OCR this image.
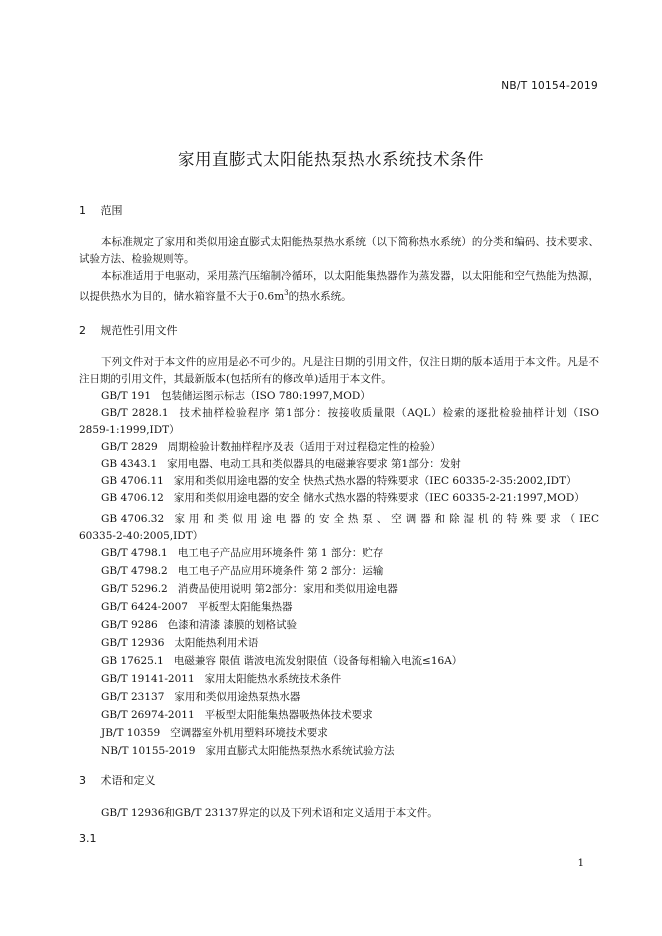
NB/T 10154-2019
家用直膨式太阳能热泵热水系统技术条件
1 范围
本标准规定了家用和类似用途直膨式太阳能热泵热水系统（以下简称热水系统）的分类和编码、技术要求、试验方法、检验规则等。
本标准适用于电驱动，采用蒸汽压缩制冷循环，以太阳能集热器作为蒸发器，以太阳能和空气热能为热源，以提供热水为目的，储水箱容量不大于$0.6m^3$的热水系统。
2 规范性引用文件
下列文件对于本文件的应用是必不可少的。凡是注日期的引用文件，仅注日期的版本适用于本文件。凡是不注日期的引用文件，其最新版本(包括所有的修改单)适用于本文件。
GB/T 191 包装储运图示标志（ISO 780:1997,MOD）
GB/T 2828.1 技术抽样检验程序 第1部分：按接收质量限（AQL）检索的逐批检验抽样计划（ISO 2859-1:1999,IDT）
GB/T 2829 周期检验计数抽样程序及表（适用于对过程稳定性的检验）
GB 4343.1 家用电器、电动工具和类似器具的电磁兼容要求 第1部分：发射
GB 4706.11 家用和类似用途电器的安全 快热式热水器的特殊要求（IEC 60335-2-35:2002,IDT）
GB 4706.12 家用和类似用途电器的安全 储水式热水器的特殊要求（IEC 60335-2-21:1997,MOD）
GB 4706.32 家 用 和 类 似 用 途 电 器 的 安 全 热 泵 、 空 调 器 和 除 湿 机 的 特 殊 要 求 （ IEC 60335-2-40:2005,IDT）
GB/T 4798.1 电工电子产品应用环境条件 第 1 部分：贮存
GB/T 4798.2 电工电子产品应用环境条件 第 2 部分：运输
GB/T 5296.2 消费品使用说明 第2部分：家用和类似用途电器
GB/T 6424-2007 平板型太阳能集热器
GB/T 9286 色漆和清漆 漆膜的划格试验
GB/T 12936 太阳能热利用术语
GB 17625.1 电磁兼容 限值 谐波电流发射限值（设备每相输入电流≤16A）
GB/T 19141-2011 家用太阳能热水系统技术条件
GB/T 23137 家用和类似用途热泵热水器
GB/T 26974-2011 平板型太阳能集热器吸热体技术要求
JB/T 10359 空调器室外机用塑料环境技术要求
NB/T 10155-2019 家用直膨式太阳能热泵热水系统试验方法
3 术语和定义
GB/T 12936和GB/T 23137界定的以及下列术语和定义适用于本文件。
3.1
1
